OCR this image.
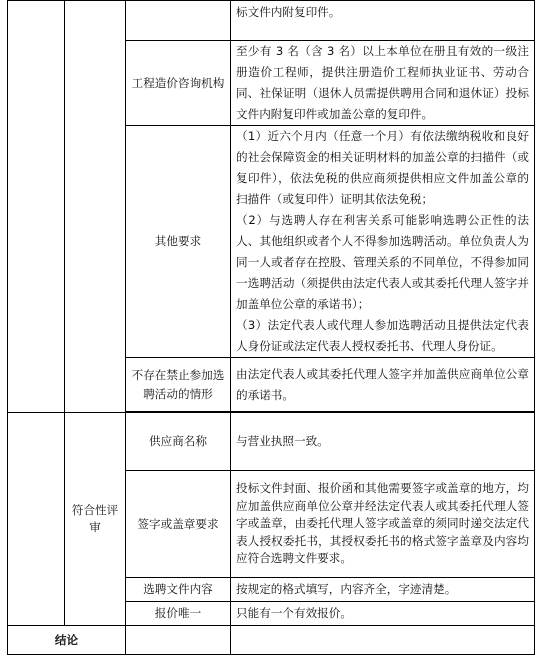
			标文件内附复印件。
		工程造价咨询机构	至少有 3 名（含 3 名）以上本单位在册且有效的一级注册造价工程师，提供注册造价工程师执业证书、劳动合同、社保证明（退休人员需提供聘用合同和退休证）投标文件内附复印件或加盖公章的复印件。
		其他要求	（1）近六个月内（任意一个月）有依法缴纳税收和良好的社会保障资金的相关证明材料的加盖公章的扫描件（或复印件），依法免税的供应商须提供相应文件加盖公章的扫描件（或复印件）证明其依法免税；

（2）与选聘人存在利害关系可能影响选聘公正性的法人、其他组织或者个人不得参加选聘活动。单位负责人为同一人或者存在控股、管理关系的不同单位，不得参加同一选聘活动（须提供由法定代表人或其委托代理人签字并加盖单位公章的承诺书）；

（3）法定代表人或代理人参加选聘活动且提供法定代表人身份证或法定代表人授权委托书、代理人身份证。

		不存在禁止参加选聘活动的情形	由法定代表人或其委托代理人签字并加盖供应商单位公章的承诺书。

	符合性评审	供应商名称	与营业执照一致。
		签字或盖章要求	投标文件封面、报价函和其他需要签字或盖章的地方，均应加盖供应商单位公章并经法定代表人或其委托代理人签字或盖章，由委托代理人签字或盖章的须同时递交法定代表人授权委托书，其授权委托书的格式签字盖章及内容均应符合选聘文件要求。
		选聘文件内容	按规定的格式填写，内容齐全，字迹清楚。
		报价唯一	只能有一个有效报价。
结论			
